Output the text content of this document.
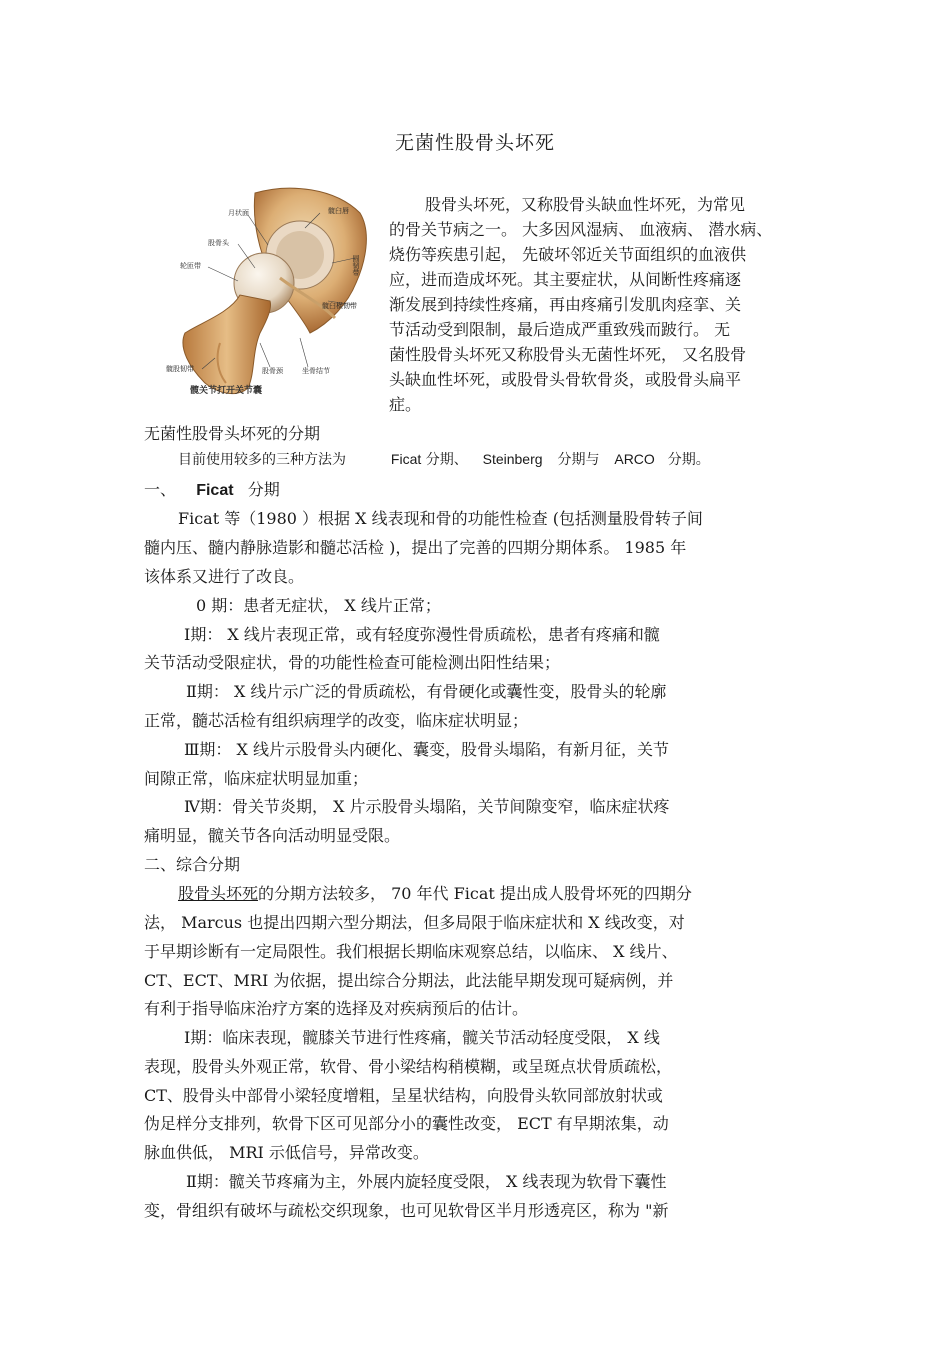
无菌性股骨头坏死
月状面	髋臼唇
股骨头
轮匝带	圆韧带
髋臼横韧带
髋股韧带	股骨颈	坐骨结节
髋关节打开关节囊

股骨头坏死，又称股骨头缺血性坏死，为常见

的骨关节病之一。 大多因风湿病、 血液病、 潜水病、

烧伤等疾患引起， 先破坏邻近关节面组织的血液供

应，进而造成坏死。其主要症状，从间断性疼痛逐

渐发展到持续性疼痛，再由疼痛引发肌肉痉挛、关

节活动受到限制，最后造成严重致残而跛行。 无

菌性股骨头坏死又称股骨头无菌性坏死， 又名股骨

头缺血性坏死，或股骨头骨软骨炎，或股骨头扁平

症。

无菌性股骨头坏死的分期
目前使用较多的三种方法为	Ficat 分期、 Steinberg 分期与 ARCO 分期。
一、 Ficat 分期
Ficat 等（1980 ）根据 X 线表现和骨的功能性检查 (包括测量股骨转子间
髓内压、髓内静脉造影和髓芯活检 )，提出了完善的四期分期体系。 1985 年
该体系又进行了改良。
0 期：患者无症状， X 线片正常；
Ⅰ期： X 线片表现正常，或有轻度弥漫性骨质疏松，患者有疼痛和髋
关节活动受限症状，骨的功能性检查可能检测出阳性结果；
Ⅱ期： X 线片示广泛的骨质疏松，有骨硬化或囊性变，股骨头的轮廓
正常，髓芯活检有组织病理学的改变，临床症状明显；
Ⅲ期： X 线片示股骨头内硬化、囊变，股骨头塌陷，有新月征，关节
间隙正常，临床症状明显加重；
Ⅳ期：骨关节炎期， X 片示股骨头塌陷，关节间隙变窄，临床症状疼
痛明显，髋关节各向活动明显受限。
二、综合分期
股骨头坏死的分期方法较多， 70 年代 Ficat 提出成人股骨坏死的四期分
法， Marcus 也提出四期六型分期法，但多局限于临床症状和 X 线改变，对
于早期诊断有一定局限性。我们根据长期临床观察总结，以临床、 X 线片、
CT、ECT、MRI 为依据，提出综合分期法，此法能早期发现可疑病例，并
有利于指导临床治疗方案的选择及对疾病预后的估计。
Ⅰ期：临床表现，髋膝关节进行性疼痛，髋关节活动轻度受限， X 线
表现，股骨头外观正常，软骨、骨小梁结构稍模糊，或呈斑点状骨质疏松，
CT、股骨头中部骨小梁轻度增粗，呈星状结构，向股骨头软同部放射状或
伪足样分支排列，软骨下区可见部分小的囊性改变， ECT 有早期浓集，动
脉血供低， MRI 示低信号，异常改变。
Ⅱ期：髋关节疼痛为主，外展内旋轻度受限， X 线表现为软骨下囊性
变，骨组织有破坏与疏松交织现象，也可见软骨区半月形透亮区，称为 "新
